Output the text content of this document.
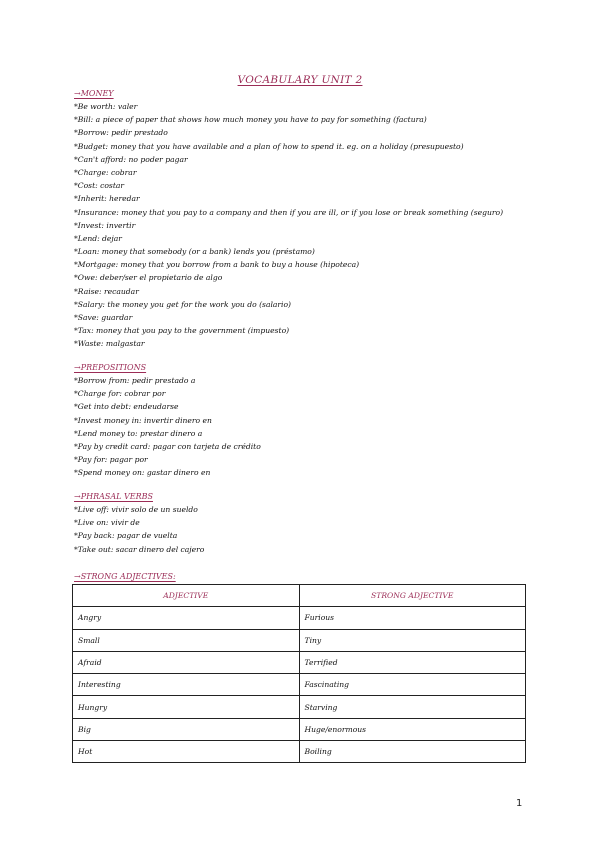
VOCABULARY UNIT 2
→MONEY
*Be worth: valer
*Bill: a piece of paper that shows how much money you have to pay for something (factura)
*Borrow: pedir prestado
*Budget: money that you have available and a plan of how to spend it. eg. on a holiday (presupuesto)
*Can't afford: no poder pagar
*Charge: cobrar
*Cost: costar
*Inherit: heredar
*Insurance: money that you pay to a company and then if you are ill, or if you lose or break something (seguro)
*Invest: invertir
*Lend: dejar
*Loan: money that somebody (or a bank) lends you (préstamo)
*Mortgage: money that you borrow from a bank to buy a house (hipoteca)
*Owe: deber/ser el propietario de algo
*Raise: recaudar
*Salary: the money you get for the work you do (salario)
*Save: guardar
*Tax: money that you pay to the government (impuesto)
*Waste: malgastar
→PREPOSITIONS
*Borrow from: pedir prestado a
*Charge for: cobrar por
*Get into debt: endeudarse
*Invest money in: invertir dinero en
*Lend money to: prestar dinero a
*Pay by credit card: pagar con tarjeta de crédito
*Pay for: pagar por
*Spend money on: gastar dinero en
→PHRASAL VERBS
*Live off: vivir solo de un sueldo
*Live on: vivir de
*Pay back: pagar de vuelta
*Take out: sacar dinero del cajero
→STRONG ADJECTIVES:
ADJECTIVE	STRONG ADJECTIVE
Angry	Furious
Small	Tiny
Afraid	Terrified
Interesting	Fascinating
Hungry	Starving
Big	Huge/enormous
Hot	Boiling
1
